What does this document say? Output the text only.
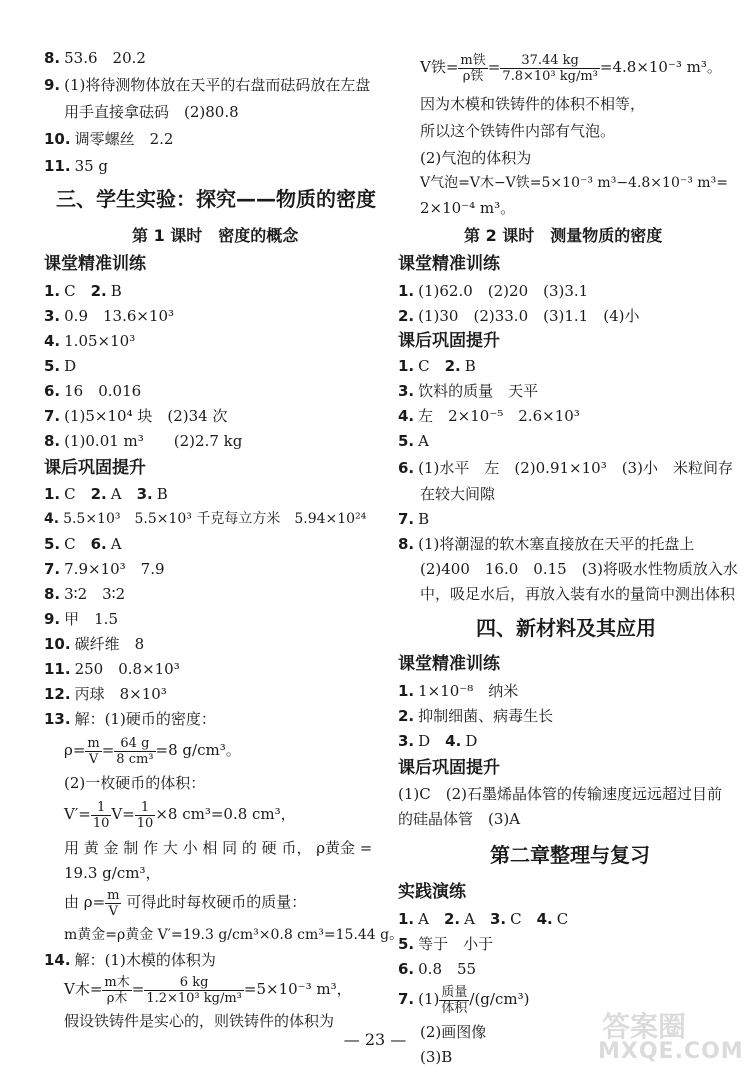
8. 53.6　20.2
9. (1)将待测物体放在天平的右盘而砝码放在左盘
用手直接拿砝码　(2)80.8
10. 调零螺丝　2.2
11. 35 g
三、学生实验：探究——物质的密度
第 1 课时　密度的概念
课堂精准训练
1. C　2. B
3. 0.9　13.6×10³
4. 1.05×10³
5. D
6. 16　0.016
7. (1)5×10⁴ 块　(2)34 次
8. (1)0.01 m³　　(2)2.7 kg
课后巩固提升
1. C　2. A　3. B
4. 5.5×10³　5.5×10³ 千克每立方米　5.94×10²⁴
5. C　6. A
7. 7.9×10³　7.9
8. 3∶2　3∶2
9. 甲　1.5
10. 碳纤维　8
11. 250　0.8×10³
12. 丙球　8×10³
13. 解：(1)硬币的密度：
$\rho= \frac{m}{V} = \frac{64 g}{\text{8 cm³}} =8$ g/cm³。
(2)一枚硬币的体积：
$V'= \frac{1}{10} V= \frac{1}{10} \times 8$ cm³=0.8 cm³，
用 黄 金 制 作 大 小 相 同 的 硬 币， ρ黄金 =
19.3 g/cm³，
由 $\rho= \frac{m}{V}$ 可得此时每枚硬币的质量：
m黄金=ρ黄金 V′=19.3 g/cm³×0.8 cm³=15.44 g。
14. 解：(1)木模的体积为
V木= $\frac{\text{m木}}{\text{ρ木}} = \frac{6 kg}{\text{1.2×10³ kg/m³}} =5\times 10^{-3}$ m³，
假设铁铸件是实心的，则铁铸件的体积为
V铁= $\frac{\text{m铁}}{\text{ρ铁}} = \frac{37.44 kg}{\text{7.8×10³ kg/m³}} =4.8\times 10^{-3}$ m³。
因为木模和铁铸件的体积不相等，
所以这个铁铸件内部有气泡。
(2)气泡的体积为
V气泡=V木−V铁=5×10⁻³ m³−4.8×10⁻³ m³=
2×10⁻⁴ m³。
第 2 课时　测量物质的密度
课堂精准训练
1. (1)62.0　(2)20　(3)3.1
2. (1)30　(2)33.0　(3)1.1　(4)小
课后巩固提升
1. C　2. B
3. 饮料的质量　天平
4. 左　2×10⁻⁵　2.6×10³
5. A
6. (1)水平　左　(2)0.91×10³　(3)小　米粒间存
在较大间隙
7. B
8. (1)将潮湿的软木塞直接放在天平的托盘上
(2)400　16.0　0.15　(3)将吸水性物质放入水
中，吸足水后，再放入装有水的量筒中测出体积
四、新材料及其应用
课堂精准训练
1. 1×10⁻⁸　纳米
2. 抑制细菌、病毒生长
3. D　4. D
课后巩固提升
(1)C　(2)石墨烯晶体管的传输速度远远超过目前
的硅晶体管　(3)A
第二章整理与复习
实践演练
1. A　2. A　3. C　4. C
5. 等于　小于
6. 0.8　55
7. $(1) \frac{\text{质量}}{\text{体积}} /(g/cm^3)$
(2)画图像
(3)B
— 23 —	答案圈
MXQE.COM
